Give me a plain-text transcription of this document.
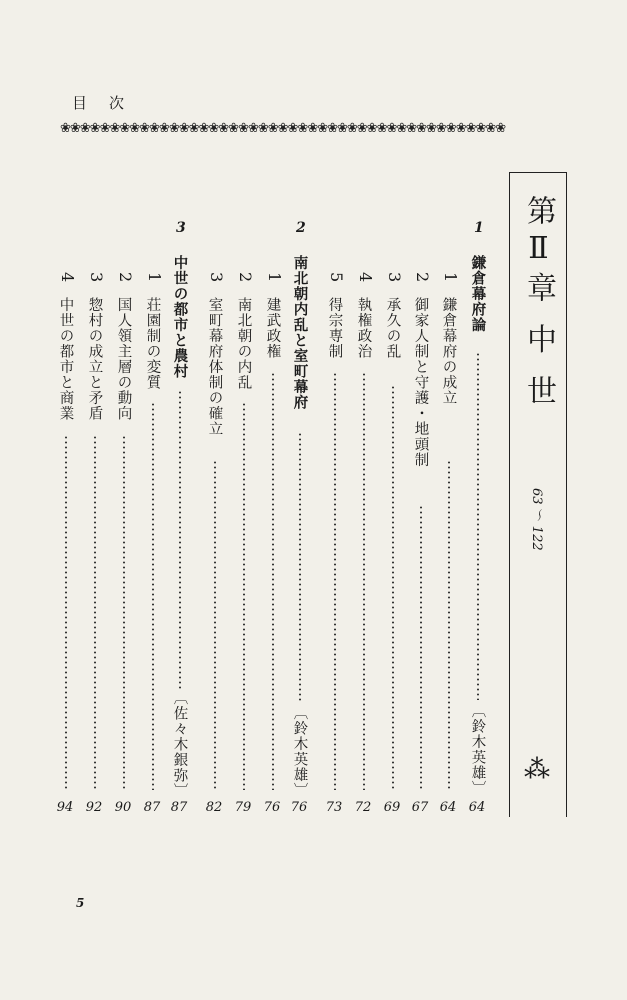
目次
❀❀❀❀❀❀❀❀❀❀❀❀❀❀❀❀❀❀❀❀❀❀❀❀❀❀❀❀❀❀❀❀❀❀❀❀❀❀❀❀❀❀❀❀❀
第Ⅱ章 中 世
63 〜 122
⁂
1
鎌倉幕府論
〔鈴木英雄〕
64
1
鎌倉幕府の成立
64
2
御家人制と守護・地頭制
67
3
承久の乱
69
4
執権政治
72
5
得宗専制
73
2
南北朝内乱と室町幕府
〔鈴木英雄〕
76
1
建武政権
76
2
南北朝の内乱
79
3
室町幕府体制の確立
82
3
中世の都市と農村
〔佐々木銀弥〕
87
1
荘園制の変質
87
2
国人領主層の動向
90
3
惣村の成立と矛盾
92
4
中世の都市と商業
94
5
